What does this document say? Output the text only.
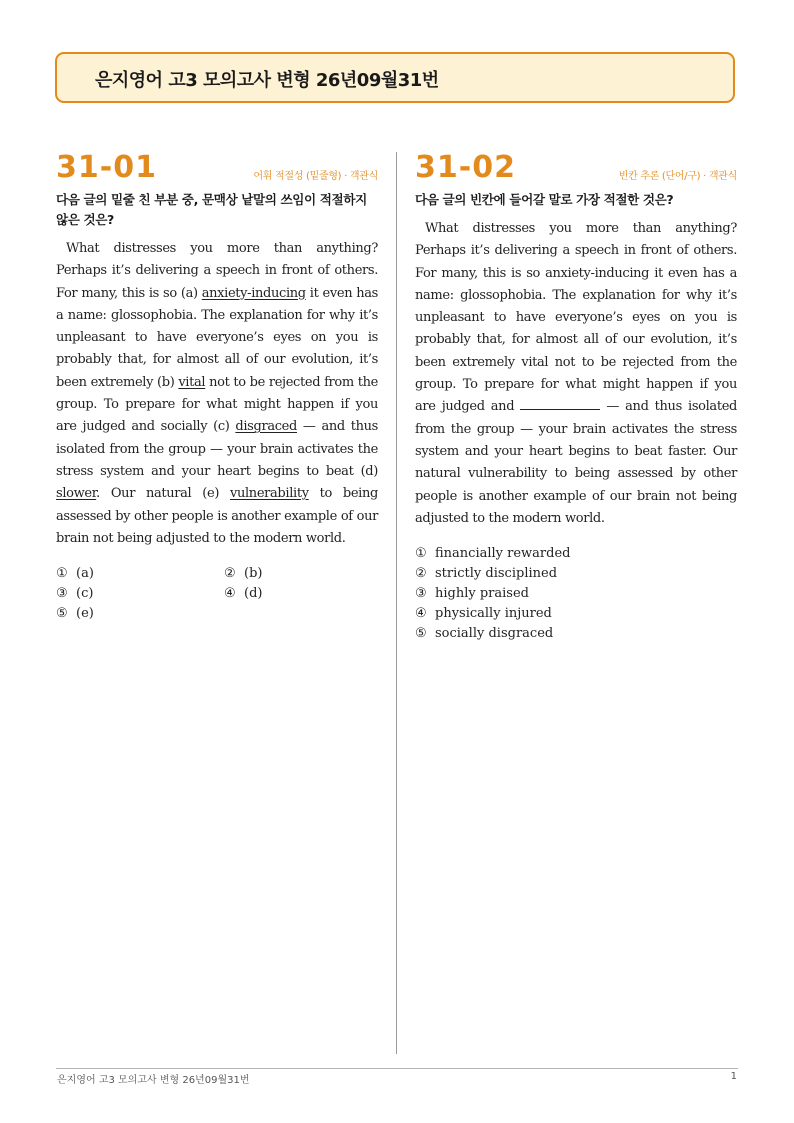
은지영어 고3 모의고사 변형 26년09월31번
31-01	어휘 적절성 (밑줄형) · 객관식
다음 글의 밑줄 친 부분 중, 문맥상 낱말의 쓰임이 적절하지 않은 것은?
What distresses you more than anything? Perhaps it’s delivering a speech in front of others. For many, this is so (a) anxiety-inducing it even has a name: glossophobia. The explanation for why it’s unpleasant to have everyone’s eyes on you is probably that, for almost all of our evolution, it’s been extremely (b) vital not to be rejected from the group. To prepare for what might happen if you are judged and socially (c) disgraced — and thus isolated from the group — your brain activates the stress system and your heart begins to beat (d) slower. Our natural (e) vulnerability to being assessed by other people is another example of our brain not being adjusted to the modern world.
① (a)	② (b)
③ (c)	④ (d)
⑤ (e)
31-02	빈칸 추론 (단어/구) · 객관식
다음 글의 빈칸에 들어갈 말로 가장 적절한 것은?
What distresses you more than anything? Perhaps it’s delivering a speech in front of others. For many, this is so anxiety-inducing it even has a name: glossophobia. The explanation for why it’s unpleasant to have everyone’s eyes on you is probably that, for almost all of our evolution, it’s been extremely vital not to be rejected from the group. To prepare for what might happen if you are judged and	— and thus isolated from the group — your brain activates the stress system and your heart begins to beat faster. Our natural vulnerability to being assessed by other people is another example of our brain not being adjusted to the modern world.
① financially rewarded
② strictly disciplined
③ highly praised
④ physically injured
⑤ socially disgraced
은지영어 고3 모의고사 변형 26년09월31번	1
